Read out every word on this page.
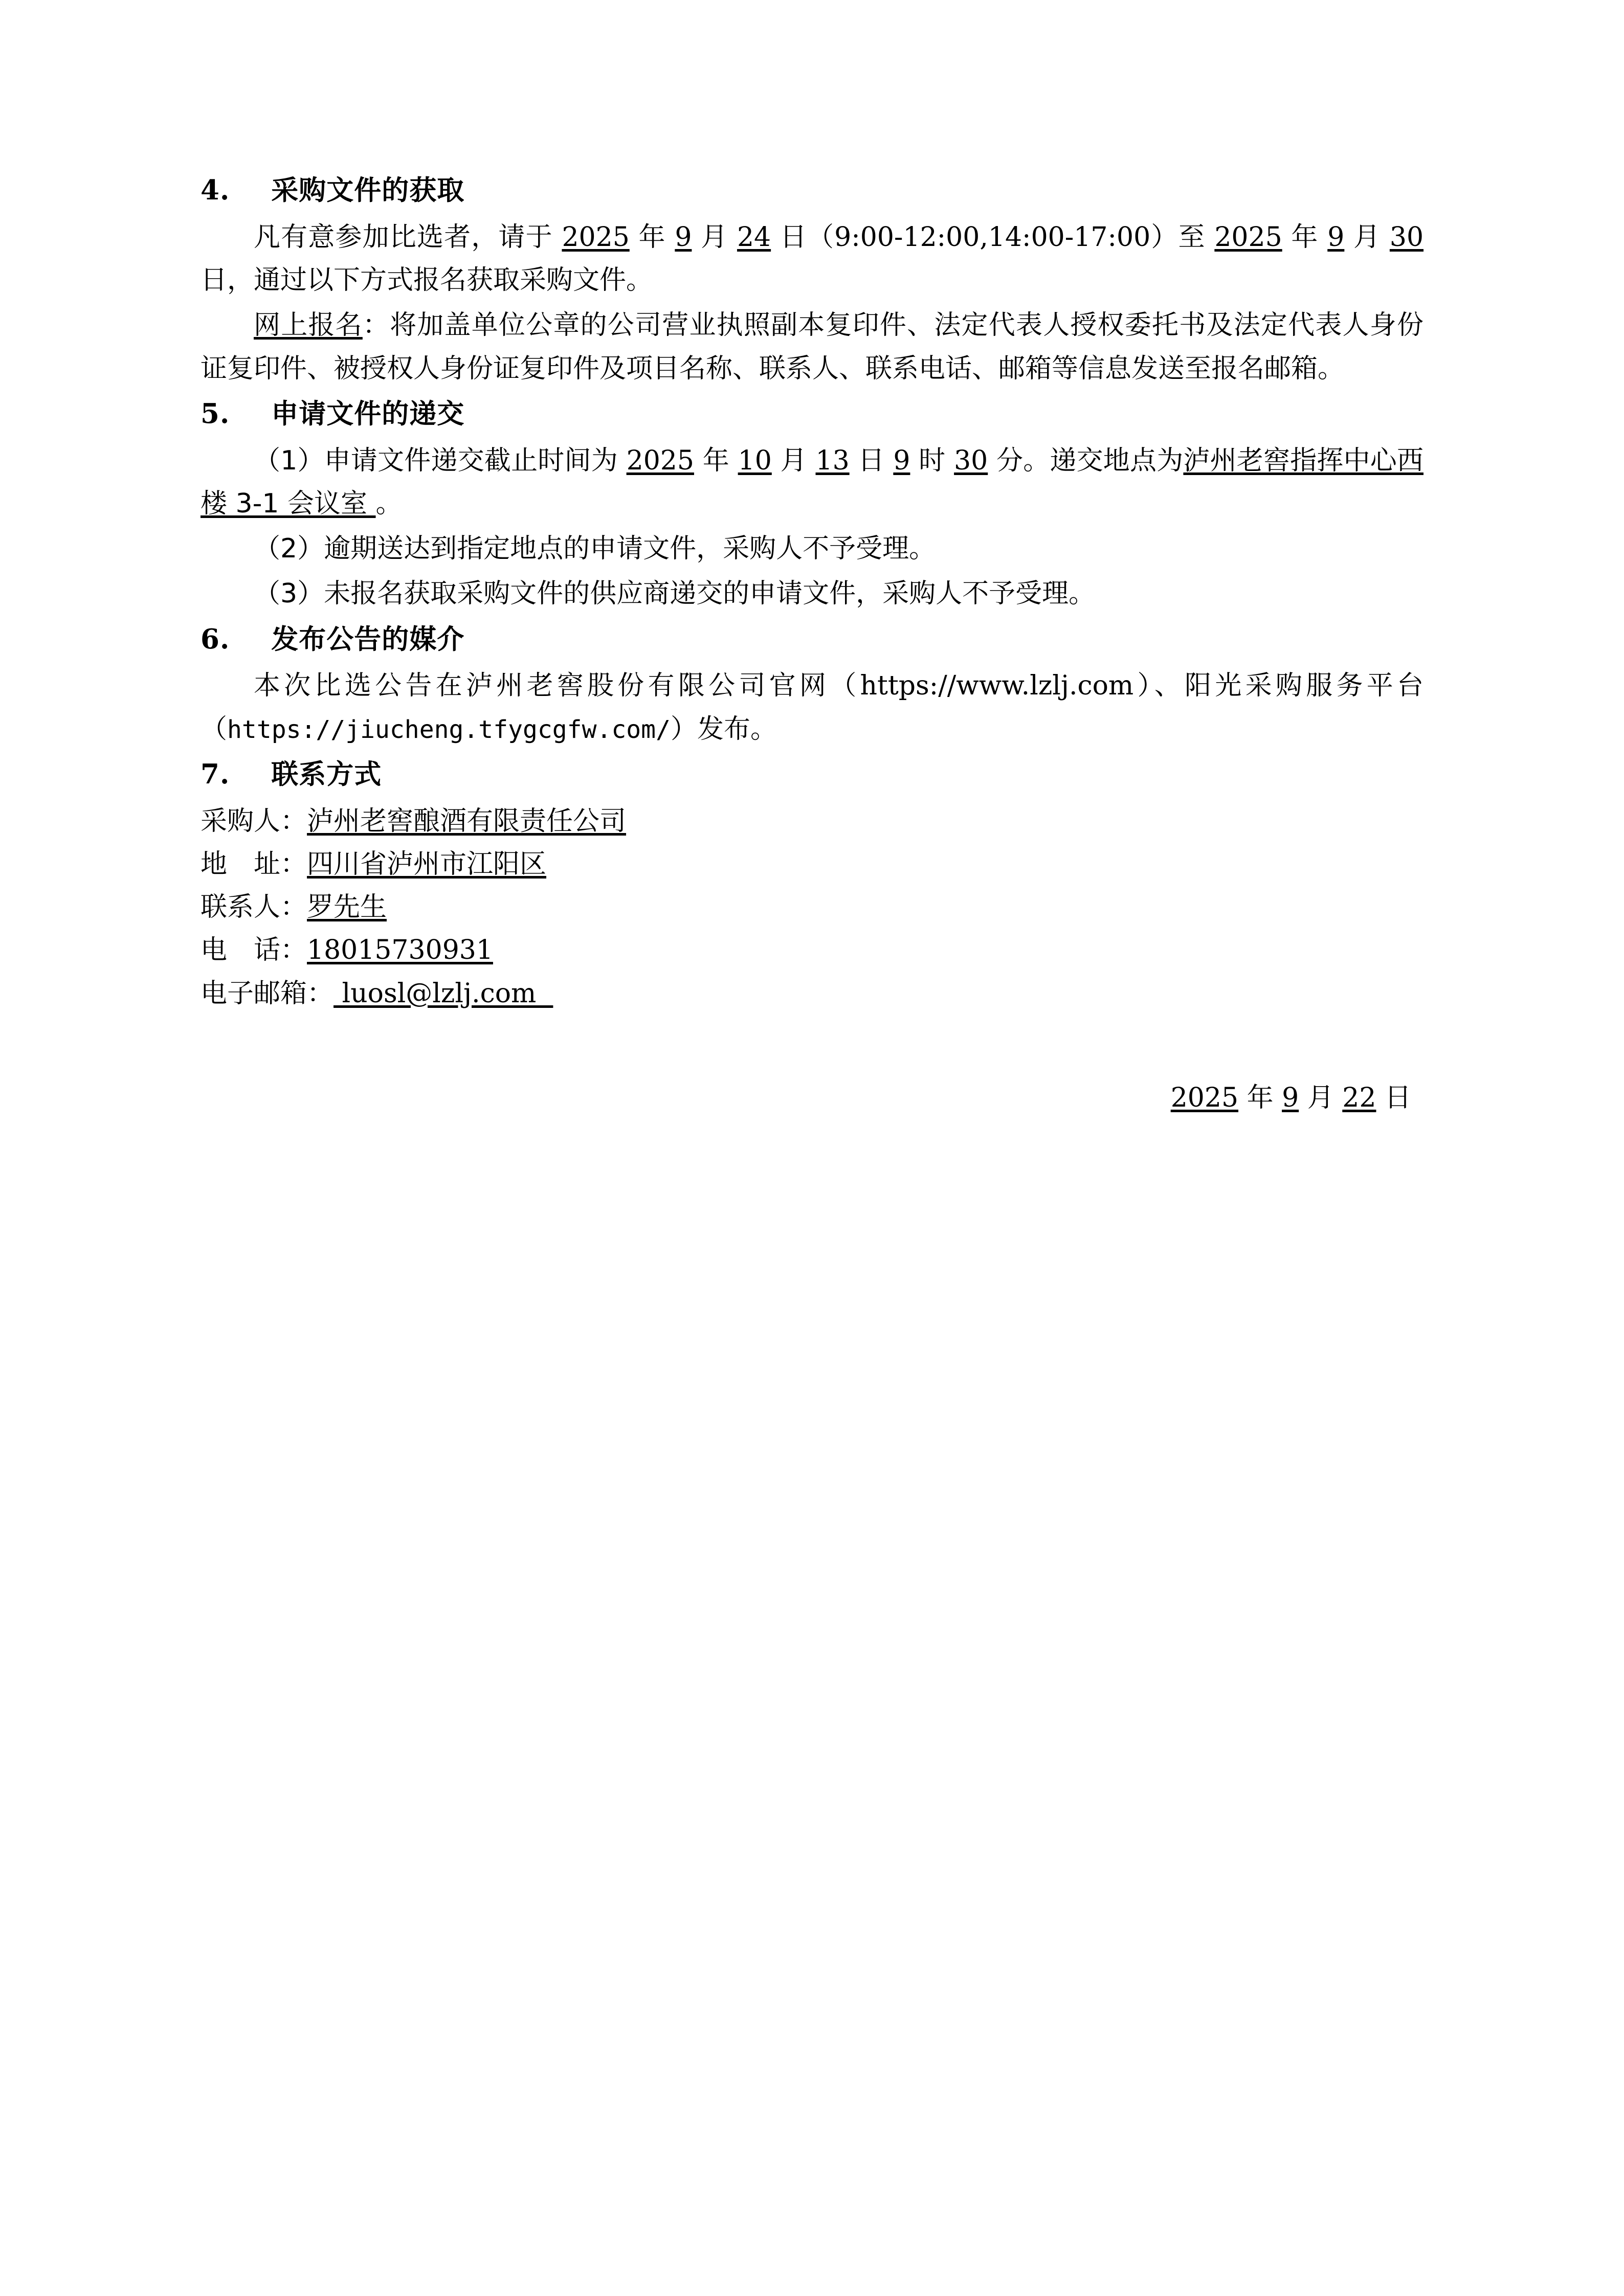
4. 采购文件的获取

凡有意参加比选者，请于 2025 年 9 月 24 日（9:00-12:00,14:00-17:00）至 2025 年 9 月 30 日，通过以下方式报名获取采购文件。

网上报名：将加盖单位公章的公司营业执照副本复印件、法定代表人授权委托书及法定代表人身份证复印件、被授权人身份证复印件及项目名称、联系人、联系电话、邮箱等信息发送至报名邮箱。

5. 申请文件的递交

（1）申请文件递交截止时间为 2025 年 10 月 13 日 9 时 30 分。递交地点为泸州老窖指挥中心西楼 3-1 会议室 。

（2）逾期送达到指定地点的申请文件，采购人不予受理。

（3）未报名获取采购文件的供应商递交的申请文件，采购人不予受理。

6. 发布公告的媒介

本次比选公告在泸州老窖股份有限公司官网（https://www.lzlj.com）、阳光采购服务平台（https://jiucheng.tfygcgfw.com/）发布。

7. 联系方式

采购人：泸州老窖酿酒有限责任公司

地　址：四川省泸州市江阳区

联系人：罗先生

电　话：18015730931

电子邮箱： luosl@lzlj.com

2025 年 9 月 22 日
